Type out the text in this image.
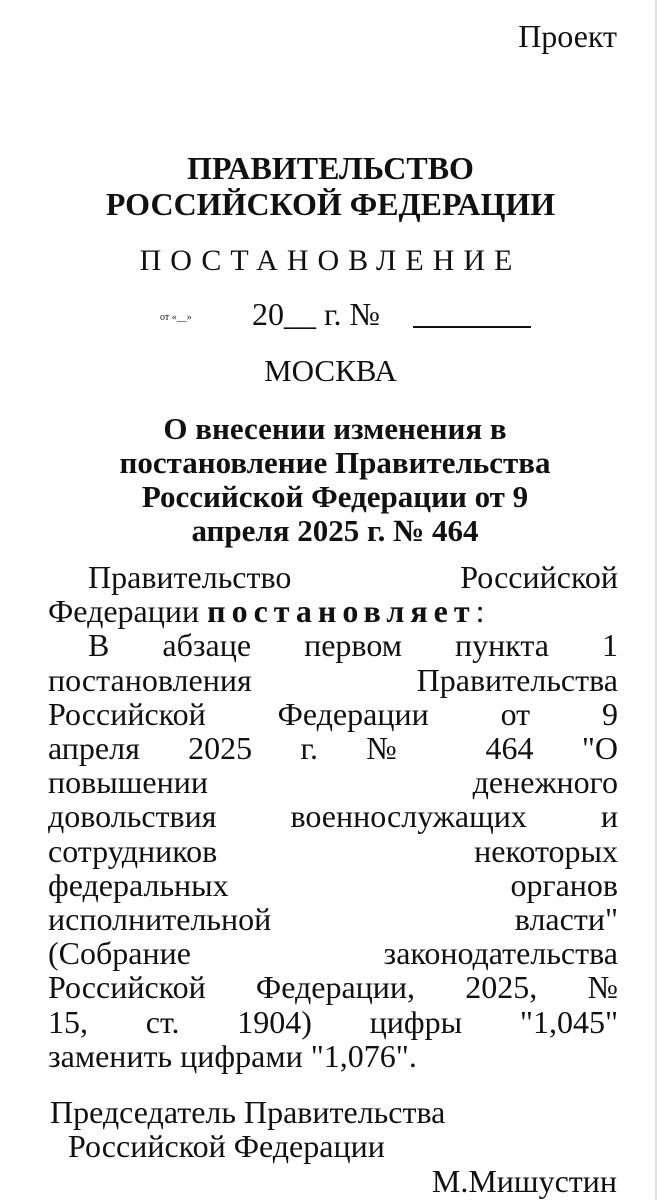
Проект
ПРАВИТЕЛЬСТВО
РОССИЙСКОЙ ФЕДЕРАЦИИ
ПОСТАНОВЛЕНИЕ
от «__» 20__ г. №
МОСКВА
О внесении изменения в
постановление Правительства
Российской Федерации от 9
апреля 2025 г. № 464
Правительство Российской
Федерации постановляет:
В абзаце первом пункта 1
постановления Правительства
Российской Федерации от 9
апреля 2025 г. № 464 "О
повышении денежного
довольствия военнослужащих и
сотрудников некоторых
федеральных органов
исполнительной власти"
(Собрание законодательства
Российской Федерации, 2025, №
15, ст. 1904) цифры "1,045"
заменить цифрами "1,076".
Председатель Правительства
Российской Федерации
М.Мишустин
